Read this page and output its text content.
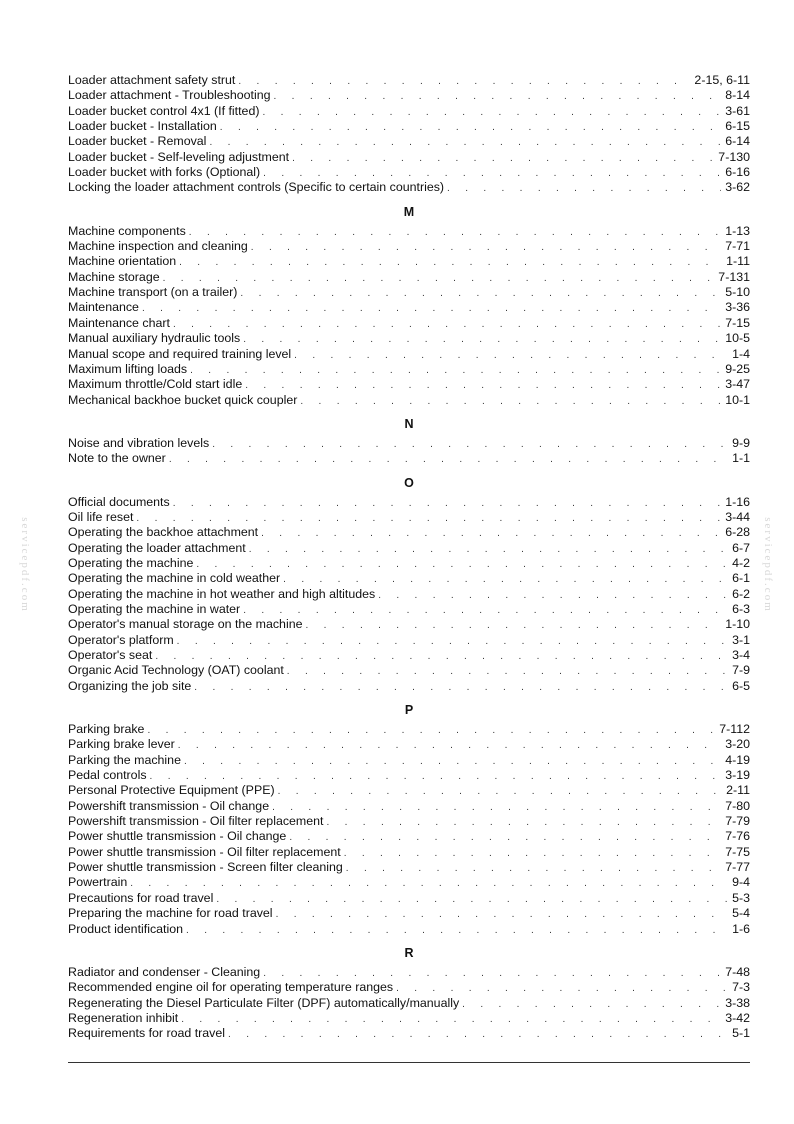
servicepdf.com	servicepdf.com
Loader attachment safety strut . . .	2-15, 6-11
Loader attachment - Troubleshooting . . .	8-14
Loader bucket control 4x1 (If fitted) . . .	3-61
Loader bucket - Installation . . .	6-15
Loader bucket - Removal . . .	6-14
Loader bucket - Self-leveling adjustment . . .	7-130
Loader bucket with forks (Optional) . . .	6-16
Locking the loader attachment controls (Specific to certain countries) . . .	3-62
M
Machine components . . .	1-13
Machine inspection and cleaning . . .	7-71
Machine orientation . . .	1-11
Machine storage . . .	7-131
Machine transport (on a trailer) . . .	5-10
Maintenance . . .	3-36
Maintenance chart . . .	7-15
Manual auxiliary hydraulic tools . . .	10-5
Manual scope and required training level . . .	1-4
Maximum lifting loads . . .	9-25
Maximum throttle/Cold start idle . . .	3-47
Mechanical backhoe bucket quick coupler . . .	10-1
N
Noise and vibration levels . . .	9-9
Note to the owner . . .	1-1
O
Official documents . . .	1-16
Oil life reset . . .	3-44
Operating the backhoe attachment . . .	6-28
Operating the loader attachment . . .	6-7
Operating the machine . . .	4-2
Operating the machine in cold weather . . .	6-1
Operating the machine in hot weather and high altitudes . . .	6-2
Operating the machine in water . . .	6-3
Operator's manual storage on the machine . . .	1-10
Operator's platform . . .	3-1
Operator's seat . . .	3-4
Organic Acid Technology (OAT) coolant . . .	7-9
Organizing the job site . . .	6-5
P
Parking brake . . .	7-112
Parking brake lever . . .	3-20
Parking the machine . . .	4-19
Pedal controls . . .	3-19
Personal Protective Equipment (PPE) . . .	2-11
Powershift transmission - Oil change . . .	7-80
Powershift transmission - Oil filter replacement . . .	7-79
Power shuttle transmission - Oil change . . .	7-76
Power shuttle transmission - Oil filter replacement . . .	7-75
Power shuttle transmission - Screen filter cleaning . . .	7-77
Powertrain . . .	9-4
Precautions for road travel . . .	5-3
Preparing the machine for road travel . . .	5-4
Product identification . . .	1-6
R
Radiator and condenser - Cleaning . . .	7-48
Recommended engine oil for operating temperature ranges . . .	7-3
Regenerating the Diesel Particulate Filter (DPF) automatically/manually . . .	3-38
Regeneration inhibit . . .	3-42
Requirements for road travel . . .	5-1
